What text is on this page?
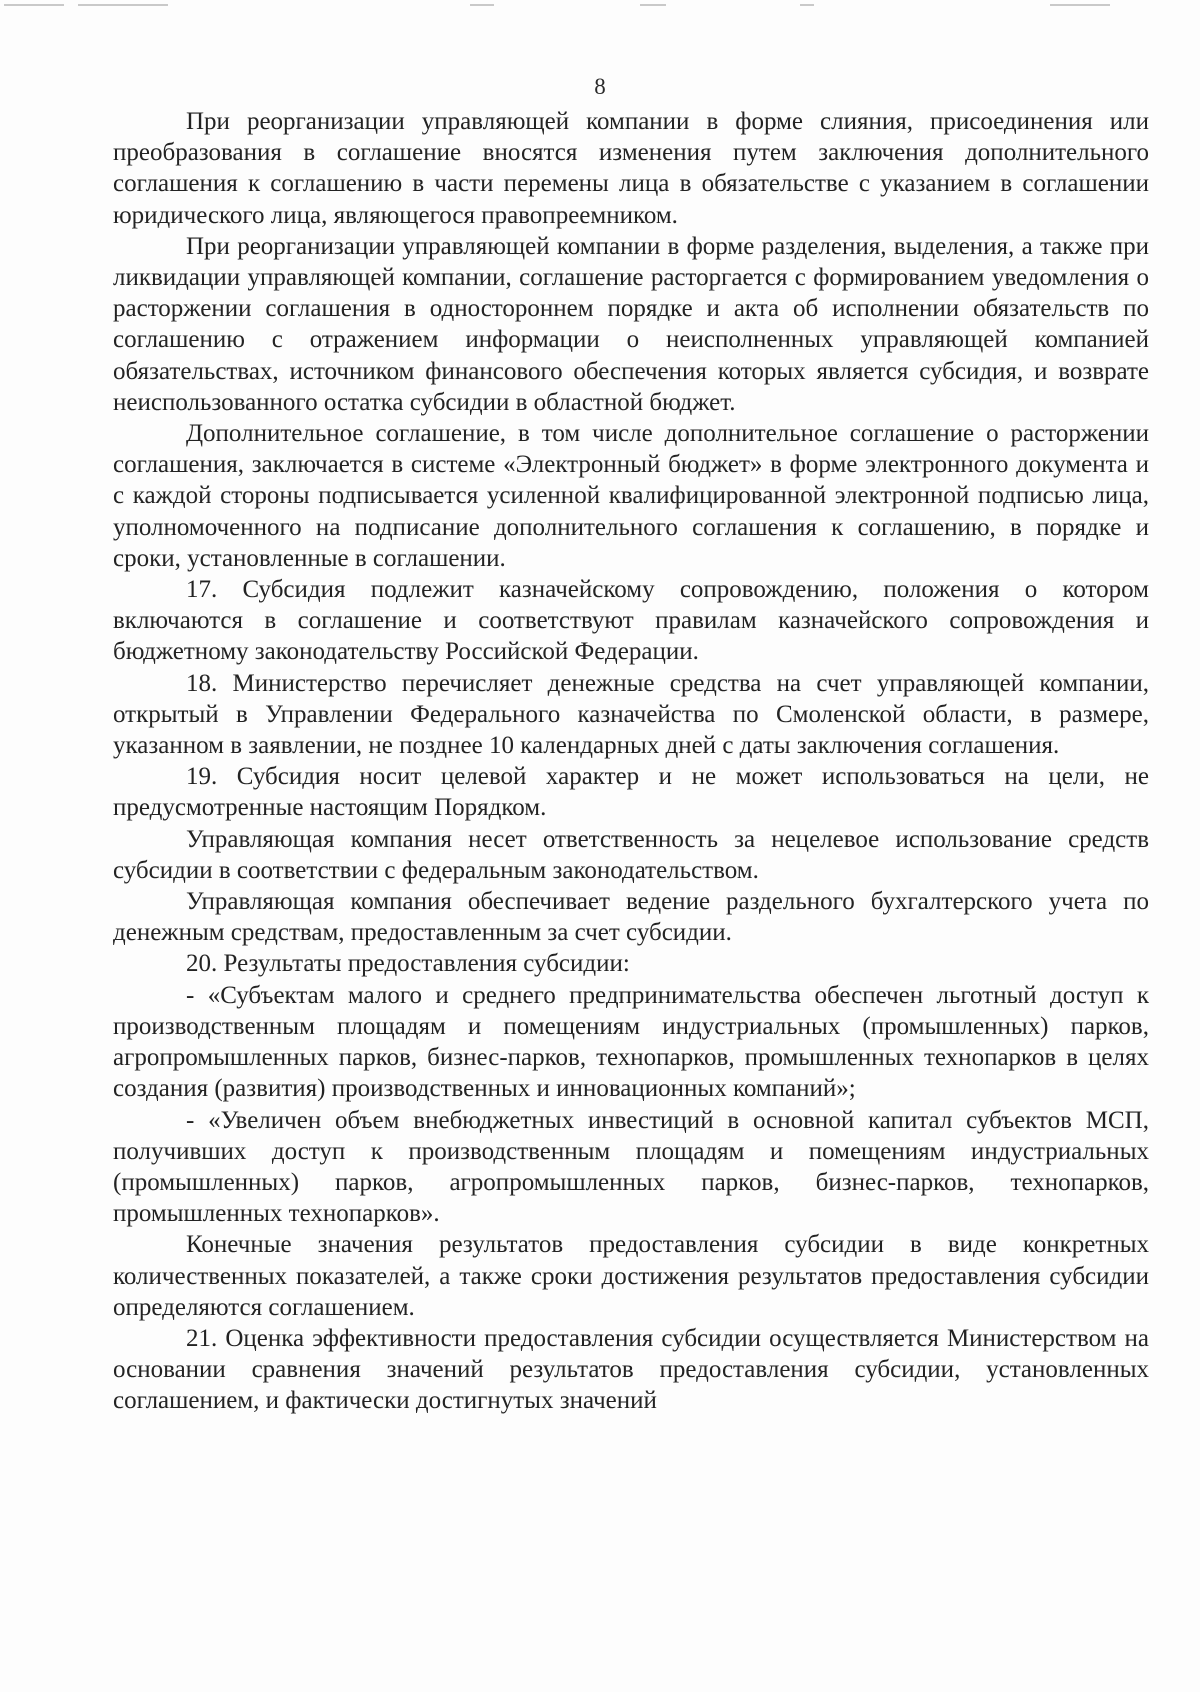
8

При реорганизации управляющей компании в форме слияния, присоединения или преобразования в соглашение вносятся изменения путем заключения дополнительного соглашения к соглашению в части перемены лица в обязательстве с указанием в соглашении юридического лица, являющегося правопреемником.

При реорганизации управляющей компании в форме разделения, выделения, а также при ликвидации управляющей компании, соглашение расторгается с формированием уведомления о расторжении соглашения в одностороннем порядке и акта об исполнении обязательств по соглашению с отражением информации о неисполненных управляющей компанией обязательствах, источником финансового обеспечения которых является субсидия, и возврате неиспользованного остатка субсидии в областной бюджет.

Дополнительное соглашение, в том числе дополнительное соглашение о расторжении соглашения, заключается в системе «Электронный бюджет» в форме электронного документа и с каждой стороны подписывается усиленной квалифицированной электронной подписью лица, уполномоченного на подписание дополнительного соглашения к соглашению, в порядке и сроки, установленные в соглашении.

17. Субсидия подлежит казначейскому сопровождению, положения о котором включаются в соглашение и соответствуют правилам казначейского сопровождения и бюджетному законодательству Российской Федерации.

18. Министерство перечисляет денежные средства на счет управляющей компании, открытый в Управлении Федерального казначейства по Смоленской области, в размере, указанном в заявлении, не позднее 10 календарных дней с даты заключения соглашения.

19. Субсидия носит целевой характер и не может использоваться на цели, не предусмотренные настоящим Порядком.

Управляющая компания несет ответственность за нецелевое использование средств субсидии в соответствии с федеральным законодательством.

Управляющая компания обеспечивает ведение раздельного бухгалтерского учета по денежным средствам, предоставленным за счет субсидии.

20. Результаты предоставления субсидии:

- «Субъектам малого и среднего предпринимательства обеспечен льготный доступ к производственным площадям и помещениям индустриальных (промышленных) парков, агропромышленных парков, бизнес-парков, технопарков, промышленных технопарков в целях создания (развития) производственных и инновационных компаний»;

- «Увеличен объем внебюджетных инвестиций в основной капитал субъектов МСП, получивших доступ к производственным площадям и помещениям индустриальных (промышленных) парков, агропромышленных парков, бизнес-парков, технопарков, промышленных технопарков».

Конечные значения результатов предоставления субсидии в виде конкретных количественных показателей, а также сроки достижения результатов предоставления субсидии определяются соглашением.

21. Оценка эффективности предоставления субсидии осуществляется Министерством на основании сравнения значений результатов предоставления субсидии, установленных соглашением, и фактически достигнутых значений
